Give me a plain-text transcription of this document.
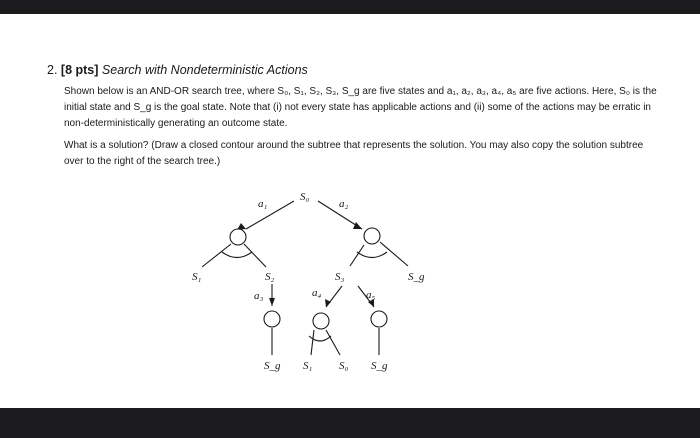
2. [8 pts] Search with Nondeterministic Actions
Shown below is an AND-OR search tree, where S₀, S₁, S₂, S₃, S_g are five states and a₁, a₂, a₃, a₄, a₅ are five actions. Here, S₀ is the initial state and S_g is the goal state. Note that (i) not every state has applicable actions and (ii) some of the actions may be erratic in non-deterministically generating an outcome state.
What is a solution? (Draw a closed contour around the subtree that represents the solution. You may also copy the solution subtree over to the right of the search tree.)
S₀
a₁	a₂
S₁	S₂	S₃	S_g
a₃	a₄	a₅
S_g S₁ S₀ S_g
